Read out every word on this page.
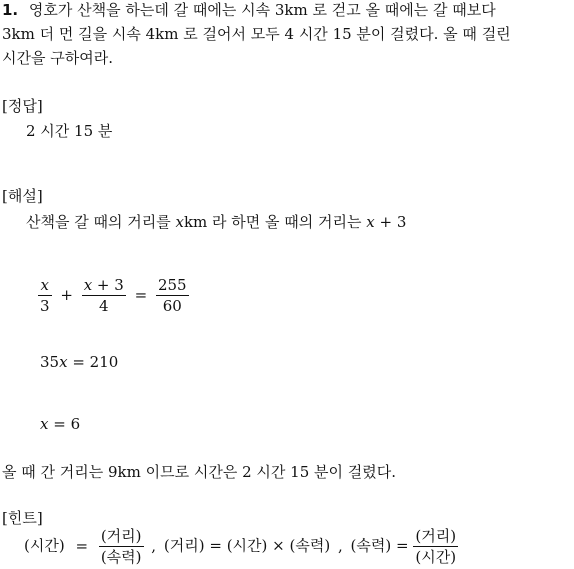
1. 영호가 산책을 하는데 갈 때에는 시속 3km 로 걷고 올 때에는 갈 때보다
3km 더 먼 길을 시속 4km 로 걸어서 모두 4 시간 15 분이 걸렸다. 올 때 걸린
시간을 구하여라.
[정답]
2 시간 15 분
[해설]
산책을 갈 때의 거리를 xkm 라 하면 올 때의 거리는 x + 3
$\frac{x}{3} + \frac{x + 3}{4} = \frac{255}{60}$
35x = 210
x = 6
올 때 간 거리는 9km 이므로 시간은 2 시간 15 분이 걸렸다.
[힌트]
(시간) = $\frac{\text{(거리)}}{\text{(속력)}}$ , (거리) = (시간) × (속력) , (속력) = $\frac{\text{(거리)}}{\text{(시간)}}$
